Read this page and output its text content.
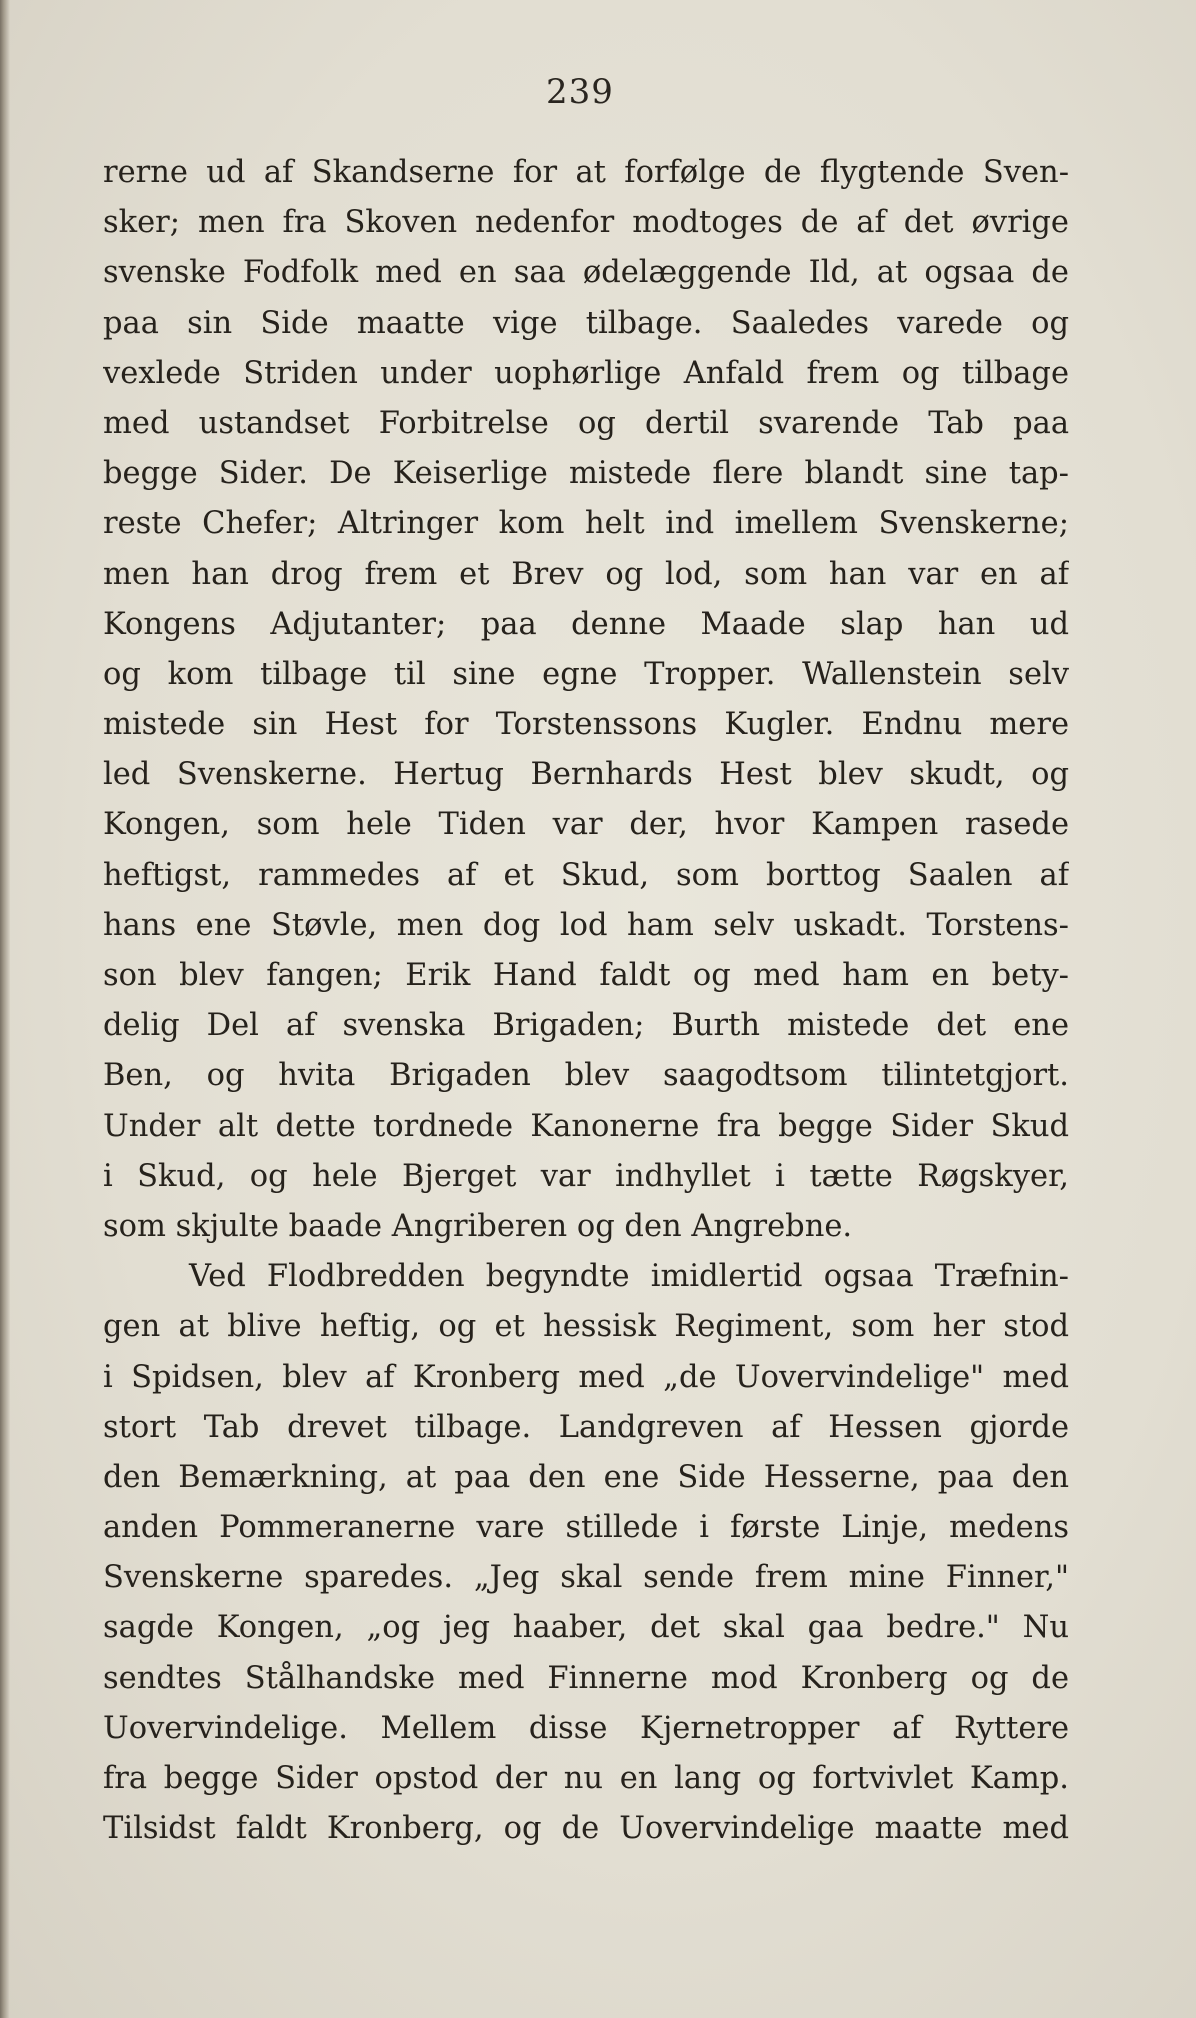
239
rerne ud af Skandserne for at forfølge de flygtende Sven-
sker; men fra Skoven nedenfor modtoges de af det øvrige
svenske Fodfolk med en saa ødelæggende Ild, at ogsaa de
paa sin Side maatte vige tilbage. Saaledes varede og
vexlede Striden under uophørlige Anfald frem og tilbage
med ustandset Forbitrelse og dertil svarende Tab paa
begge Sider. De Keiserlige mistede flere blandt sine tap-
reste Chefer; Altringer kom helt ind imellem Svenskerne;
men han drog frem et Brev og lod, som han var en af
Kongens Adjutanter; paa denne Maade slap han ud
og kom tilbage til sine egne Tropper. Wallenstein selv
mistede sin Hest for Torstenssons Kugler. Endnu mere
led Svenskerne. Hertug Bernhards Hest blev skudt, og
Kongen, som hele Tiden var der, hvor Kampen rasede
heftigst, rammedes af et Skud, som borttog Saalen af
hans ene Støvle, men dog lod ham selv uskadt. Torstens-
son blev fangen; Erik Hand faldt og med ham en bety-
delig Del af svenska Brigaden; Burth mistede det ene
Ben, og hvita Brigaden blev saagodtsom tilintetgjort.
Under alt dette tordnede Kanonerne fra begge Sider Skud
i Skud, og hele Bjerget var indhyllet i tætte Røgskyer,
som skjulte baade Angriberen og den Angrebne.
Ved Flodbredden begyndte imidlertid ogsaa Træfnin-
gen at blive heftig, og et hessisk Regiment, som her stod
i Spidsen, blev af Kronberg med „de Uovervindelige" med
stort Tab drevet tilbage. Landgreven af Hessen gjorde
den Bemærkning, at paa den ene Side Hesserne, paa den
anden Pommeranerne vare stillede i første Linje, medens
Svenskerne sparedes. „Jeg skal sende frem mine Finner,"
sagde Kongen, „og jeg haaber, det skal gaa bedre." Nu
sendtes Stålhandske med Finnerne mod Kronberg og de
Uovervindelige. Mellem disse Kjernetropper af Ryttere
fra begge Sider opstod der nu en lang og fortvivlet Kamp.
Tilsidst faldt Kronberg, og de Uovervindelige maatte med
